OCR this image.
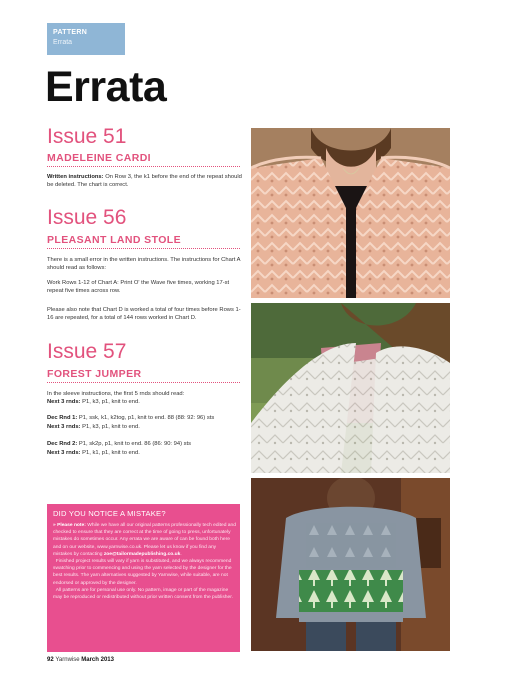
PATTERN
Errata
Errata
Issue 51
MADELEINE CARDI

Written instructions: On Row 3, the k1 before the end of the repeat should be deleted. The chart is correct.

Issue 56
PLEASANT LAND STOLE

There is a small error in the written instructions. The instructions for Chart A should read as follows:

Work Rows 1-12 of Chart A: Print O' the Wave five times, working 17-st repeat five times across row.

Please also note that Chart D is worked a total of four times before Rows 1-16 are repeated, for a total of 144 rows worked in Chart D.

Issue 57
FOREST JUMPER

In the sleeve instructions, the first 5 rnds should read:

Next 3 rnds: P1, k3, p1, knit to end.

Dec Rnd 1: P1, ssk, k1, k2tog, p1, knit to end. 88 (88: 92: 96) sts

Next 3 rnds: P1, k3, p1, knit to end.

Dec Rnd 2: P1, sk2p, p1, knit to end. 86 (86: 90: 94) sts

Next 3 rnds: P1, k1, p1, knit to end.

DID YOU NOTICE A MISTAKE?

» Please note: While we have all our original patterns professionally tech edited and checked to ensure that they are correct at the time of going to press, unfortunately mistakes do sometimes occur. Any errata we are aware of can be found both here and on our website, www.yarnwise.co.uk. Please let us know if you find any mistakes by contacting zoe@tailormadepublishing.co.uk.
Finished project results will vary if yarn is substituted, and we always recommend swatching prior to commencing and using the yarn selected by the designer for the best results. The yarn alternatives suggested by Yarnwise, while suitable, are not endorsed or approved by the designer.
All patterns are for personal use only. No pattern, image or part of the magazine may be reproduced or redistributed without prior written consent from the publisher.

92 Yarnwise March 2013
